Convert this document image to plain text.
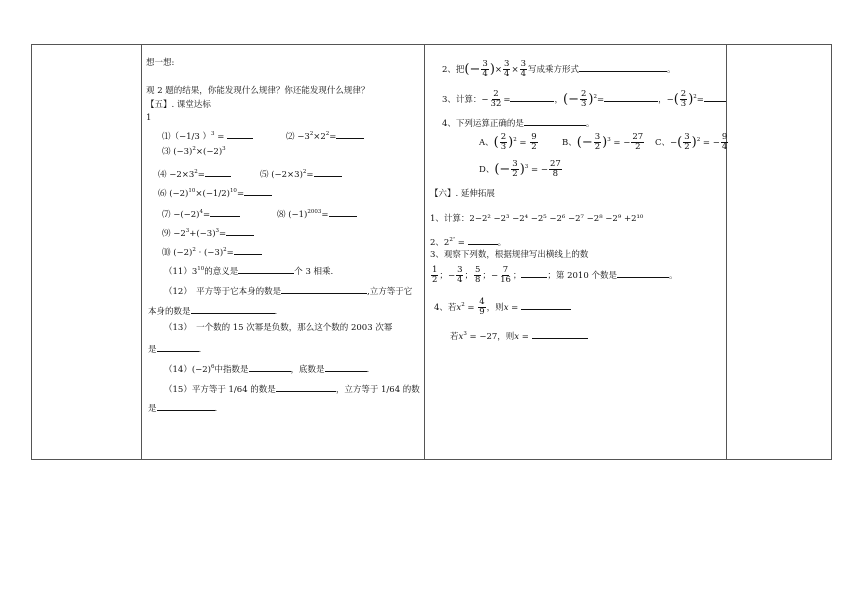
想一想:
观 2 题的结果，你能发现什么规律？你还能发现什么规律？
【五】. 课堂达标
1
⑴（−1/3 ）$^3$ =	⑵ $-3^2\times 2^2=$
⑶ $(-3)^2\times(-2)^3$
⑷ $-2\times 3^2=$	⑸ $(-2\times 3)^2=$
⑹ $(-2)^{10}\times(-1/2)^{10}=$
⑺ $-(-2)^4=$	⑻ $(-1)^{2003}=$
⑼ $-2^3+(-3)^3=$
⑽ $(-2)^2 \cdot (-3)^2=$
$(11)3^{10}$的意义是	个 3 相乘.
（12）　平方等于它本身的数是	,立方等于它
本身的数是	.
（13）　一个数的 15 次幂是负数，那么这个数的 2003 次幂
是	.
$(14)(-2)^6$中指数是	，底数是	.
（15）平方等于 1/64 的数是	，立方等于 1/64 的数
是	.
2、把(− $\frac{3}{4}$ )× $\frac{3}{4} \times \frac{3}{4}$ 写成乘方形式	。
3、计算：− $\frac{2}{32}$ =	，(− $\frac{2}{3} )^2=$	，−( $\frac{2}{3} )^2=$
4、下列运算正确的是	。
A、( $\frac{2}{3} )^2 = \frac{9}{2}$	B、(− $\frac{3}{2} )^3$ = − $\frac{27}{2}$ C、−( $\frac{3}{2} )^2$ = − $\frac{9}{4}$
D、(− $\frac{3}{2} )^3$ = − $\frac{27}{8}$
【六】. 延伸拓展
1、计算：2−2² −2³ −2⁴ −2⁵ −2⁶ −2⁷ −2⁸ −2⁹ +2¹⁰
2、$2^{2^7}$ =	。
3、观察下列数，根据规律写出横线上的数
$\frac{1}{2}$ ；− $\frac{3}{4}$ ； $\frac{5}{8}$ ；− $\frac{7}{16}$ ；	；第 2010 个数是	。
4、若$x^2 = \frac{4}{9}$ ，则x =
若$x^3 = -27$，则x =
